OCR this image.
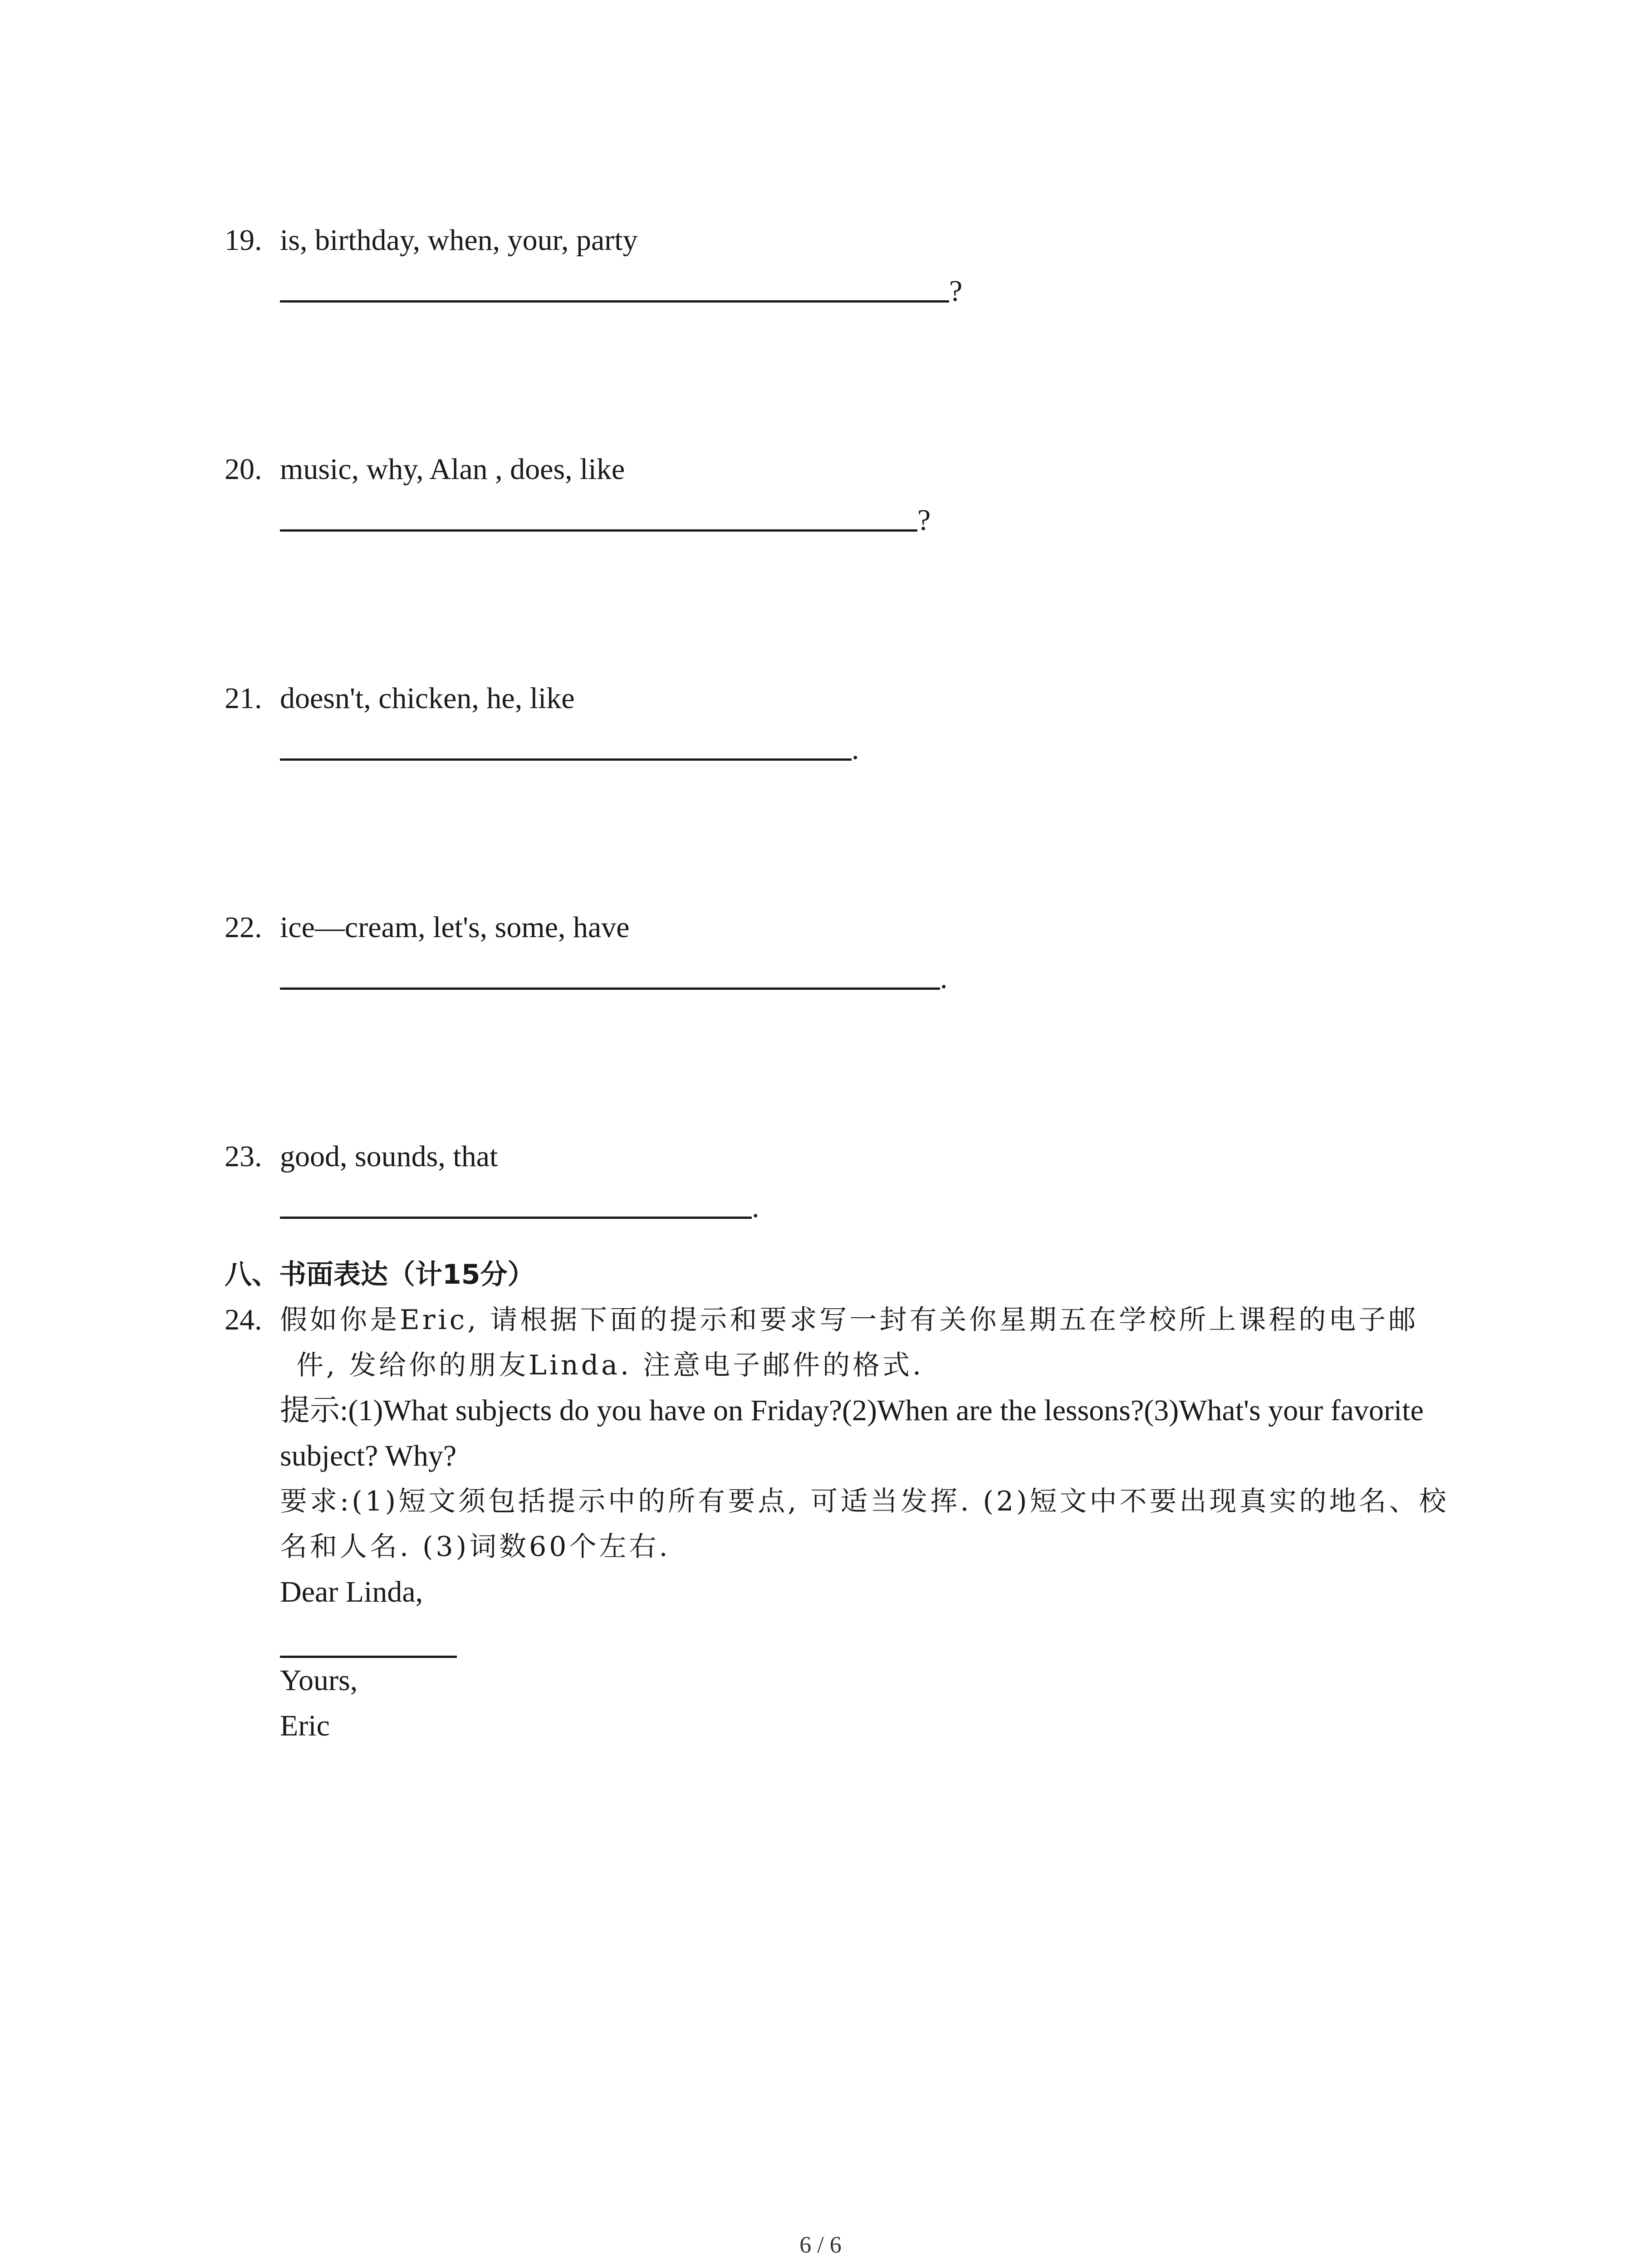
19. is, birthday, when, your, party
?
20. music, why, Alan , does, like
?
21. doesn't, chicken, he, like
.
22. ice—cream, let's, some, have
.
23. good, sounds, that
.
八、书面表达（计15分）
24. 假如你是Eric, 请根据下面的提示和要求写一封有关你星期五在学校所上课程的电子邮

件, 发给你的朋友Linda. 注意电子邮件的格式.

提示:(1)What subjects do you have on Friday?(2)When are the lessons?(3)What's your favorite

subject? Why?

要求:(1)短文须包括提示中的所有要点, 可适当发挥. (2)短文中不要出现真实的地名、校

名和人名. (3)词数60个左右.

Dear Linda,

Yours,

Eric

6 / 6
